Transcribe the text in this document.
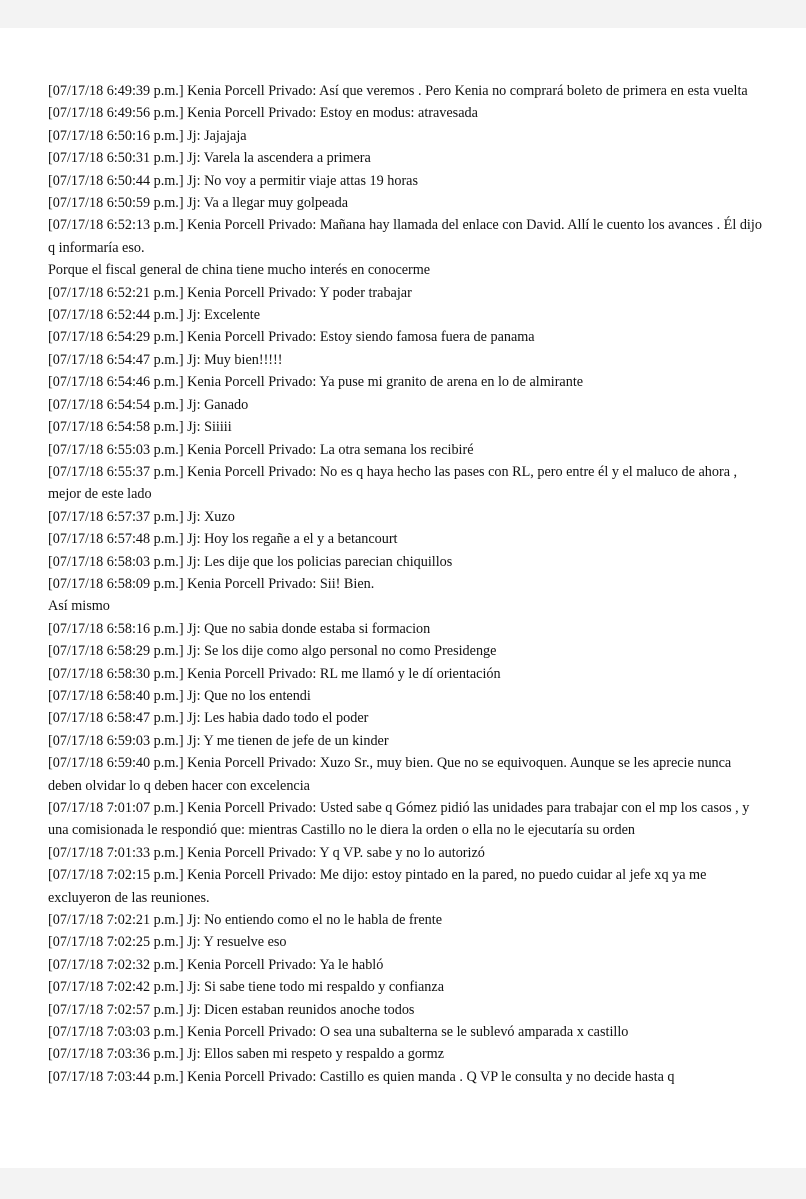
[07/17/18 6:49:39 p.m.] Kenia Porcell Privado: Así que veremos . Pero Kenia no comprará boleto de primera en esta vuelta
[07/17/18 6:49:56 p.m.] Kenia Porcell Privado: Estoy en modus: atravesada
[07/17/18 6:50:16 p.m.] Jj: Jajajaja
[07/17/18 6:50:31 p.m.] Jj: Varela la ascendera a primera
[07/17/18 6:50:44 p.m.] Jj: No voy a permitir viaje attas 19 horas
[07/17/18 6:50:59 p.m.] Jj: Va a llegar muy golpeada
[07/17/18 6:52:13 p.m.] Kenia Porcell Privado: Mañana hay llamada del enlace con David. Allí le cuento los avances . Él dijo q informaría eso.
Porque el fiscal general de china tiene mucho interés en conocerme
[07/17/18 6:52:21 p.m.] Kenia Porcell Privado: Y poder trabajar
[07/17/18 6:52:44 p.m.] Jj: Excelente
[07/17/18 6:54:29 p.m.] Kenia Porcell Privado: Estoy siendo famosa fuera de panama
[07/17/18 6:54:47 p.m.] Jj: Muy bien!!!!!
[07/17/18 6:54:46 p.m.] Kenia Porcell Privado: Ya puse mi granito de arena en lo de almirante
[07/17/18 6:54:54 p.m.] Jj: Ganado
[07/17/18 6:54:58 p.m.] Jj: Siiiii
[07/17/18 6:55:03 p.m.] Kenia Porcell Privado: La otra semana los recibiré
[07/17/18 6:55:37 p.m.] Kenia Porcell Privado: No es q haya hecho las pases con RL, pero entre él y el maluco de ahora , mejor de este lado
[07/17/18 6:57:37 p.m.] Jj: Xuzo
[07/17/18 6:57:48 p.m.] Jj: Hoy los regañe a el y a betancourt
[07/17/18 6:58:03 p.m.] Jj: Les dije que los policias parecian chiquillos
[07/17/18 6:58:09 p.m.] Kenia Porcell Privado: Sii! Bien.
Así mismo
[07/17/18 6:58:16 p.m.] Jj: Que no sabia donde estaba si formacion
[07/17/18 6:58:29 p.m.] Jj: Se los dije como algo personal no como Presidenge
[07/17/18 6:58:30 p.m.] Kenia Porcell Privado: RL me llamó y le dí orientación
[07/17/18 6:58:40 p.m.] Jj: Que no los entendi
[07/17/18 6:58:47 p.m.] Jj: Les habia dado todo el poder
[07/17/18 6:59:03 p.m.] Jj: Y me tienen de jefe de un kinder
[07/17/18 6:59:40 p.m.] Kenia Porcell Privado: Xuzo Sr., muy bien. Que no se equivoquen. Aunque se les aprecie nunca deben olvidar lo q deben hacer con excelencia
[07/17/18 7:01:07 p.m.] Kenia Porcell Privado: Usted sabe q Gómez pidió las unidades para trabajar con el mp los casos , y una comisionada le respondió que: mientras Castillo no le diera la orden o ella no le ejecutaría su orden
[07/17/18 7:01:33 p.m.] Kenia Porcell Privado: Y q VP. sabe y no lo autorizó
[07/17/18 7:02:15 p.m.] Kenia Porcell Privado: Me dijo: estoy pintado en la pared, no puedo cuidar al jefe xq ya me excluyeron de las reuniones.
[07/17/18 7:02:21 p.m.] Jj: No entiendo como el no le habla de frente
[07/17/18 7:02:25 p.m.] Jj: Y resuelve eso
[07/17/18 7:02:32 p.m.] Kenia Porcell Privado: Ya le habló
[07/17/18 7:02:42 p.m.] Jj: Si sabe tiene todo mi respaldo y confianza
[07/17/18 7:02:57 p.m.] Jj: Dicen estaban reunidos anoche todos
[07/17/18 7:03:03 p.m.] Kenia Porcell Privado: O sea una subalterna se le sublevó amparada x castillo
[07/17/18 7:03:36 p.m.] Jj: Ellos saben mi respeto y respaldo a gormz
[07/17/18 7:03:44 p.m.] Kenia Porcell Privado: Castillo es quien manda . Q VP le consulta y no decide hasta q
